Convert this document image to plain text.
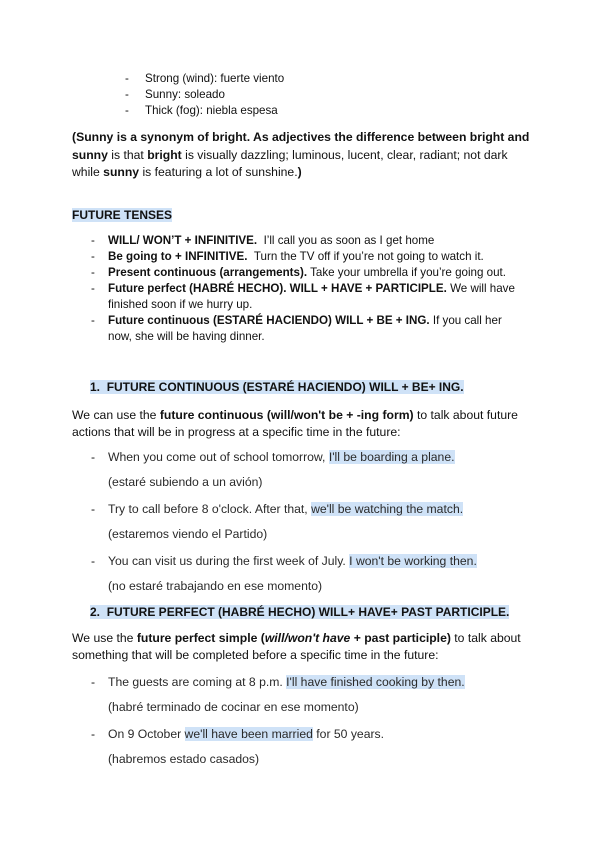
- Strong (wind): fuerte viento
- Sunny: soleado
- Thick (fog): niebla espesa
(Sunny is a synonym of bright. As adjectives the difference between bright and sunny is that bright is visually dazzling; luminous, lucent, clear, radiant; not dark while sunny is featuring a lot of sunshine.)
FUTURE TENSES
- WILL/ WON’T + INFINITIVE. I’ll call you as soon as I get home
- Be going to + INFINITIVE. Turn the TV off if you’re not going to watch it.
- Present continuous (arrangements). Take your umbrella if you’re going out.
- Future perfect (HABRÉ HECHO). WILL + HAVE + PARTICIPLE. We will have finished soon if we hurry up.
- Future continuous (ESTARÉ HACIENDO) WILL + BE + ING. If you call her now, she will be having dinner.
1. FUTURE CONTINUOUS (ESTARÉ HACIENDO) WILL + BE+ ING.
We can use the future continuous (will/won't be + -ing form) to talk about future actions that will be in progress at a specific time in the future:
- When you come out of school tomorrow, I'll be boarding a plane.
(estaré subiendo a un avión)
- Try to call before 8 o'clock. After that, we'll be watching the match.
(estaremos viendo el Partido)
- You can visit us during the first week of July. I won't be working then.
(no estaré trabajando en ese momento)
2. FUTURE PERFECT (HABRÉ HECHO) WILL+ HAVE+ PAST PARTICIPLE.
We use the future perfect simple (will/won't have + past participle) to talk about something that will be completed before a specific time in the future:
- The guests are coming at 8 p.m. I'll have finished cooking by then.
(habré terminado de cocinar en ese momento)
- On 9 October we'll have been married for 50 years.
(habremos estado casados)
